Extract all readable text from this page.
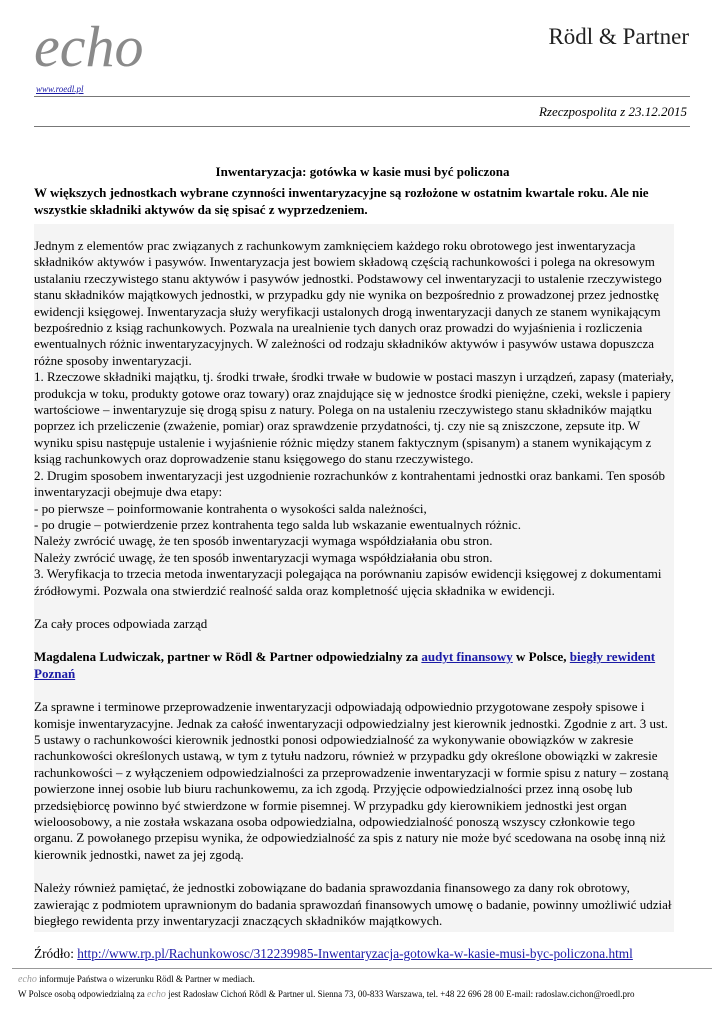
echo
www.roedl.pl
Rödl & Partner
Rzeczpospolita z 23.12.2015
Inwentaryzacja: gotówka w kasie musi być policzona
W większych jednostkach wybrane czynności inwentaryzacyjne są rozłożone w ostatnim kwartale roku. Ale nie wszystkie składniki aktywów da się spisać z wyprzedzeniem.

Jednym z elementów prac związanych z rachunkowym zamknięciem każdego roku obrotowego jest inwentaryzacja składników aktywów i pasywów. Inwentaryzacja jest bowiem składową częścią rachunkowości i polega na okresowym ustalaniu rzeczywistego stanu aktywów i pasywów jednostki. Podstawowy cel inwentaryzacji to ustalenie rzeczywistego stanu składników majątkowych jednostki, w przypadku gdy nie wynika on bezpośrednio z prowadzonej przez jednostkę ewidencji księgowej. Inwentaryzacja służy weryfikacji ustalonych drogą inwentaryzacji danych ze stanem wynikającym bezpośrednio z ksiąg rachunkowych. Pozwala na urealnienie tych danych oraz prowadzi do wyjaśnienia i rozliczenia ewentualnych różnic inwentaryzacyjnych. W zależności od rodzaju składników aktywów i pasywów ustawa dopuszcza różne sposoby inwentaryzacji.

1. Rzeczowe składniki majątku, tj. środki trwałe, środki trwałe w budowie w postaci maszyn i urządzeń, zapasy (materiały, produkcja w toku, produkty gotowe oraz towary) oraz znajdujące się w jednostce środki pieniężne, czeki, weksle i papiery wartościowe – inwentaryzuje się drogą spisu z natury. Polega on na ustaleniu rzeczywistego stanu składników majątku poprzez ich przeliczenie (zważenie, pomiar) oraz sprawdzenie przydatności, tj. czy nie są zniszczone, zepsute itp. W wyniku spisu następuje ustalenie i wyjaśnienie różnic między stanem faktycznym (spisanym) a stanem wynikającym z ksiąg rachunkowych oraz doprowadzenie stanu księgowego do stanu rzeczywistego.

2. Drugim sposobem inwentaryzacji jest uzgodnienie rozrachunków z kontrahentami jednostki oraz bankami. Ten sposób inwentaryzacji obejmuje dwa etapy:

- po pierwsze – poinformowanie kontrahenta o wysokości salda należności,

- po drugie – potwierdzenie przez kontrahenta tego salda lub wskazanie ewentualnych różnic.

Należy zwrócić uwagę, że ten sposób inwentaryzacji wymaga współdziałania obu stron.

Należy zwrócić uwagę, że ten sposób inwentaryzacji wymaga współdziałania obu stron.

3. Weryfikacja to trzecia metoda inwentaryzacji polegająca na porównaniu zapisów ewidencji księgowej z dokumentami źródłowymi. Pozwala ona stwierdzić realność salda oraz kompletność ujęcia składnika w ewidencji.

Za cały proces odpowiada zarząd

Magdalena Ludwiczak, partner w Rödl & Partner odpowiedzialny za audyt finansowy w Polsce, biegły rewident Poznań

Za sprawne i terminowe przeprowadzenie inwentaryzacji odpowiadają odpowiednio przygotowane zespoły spisowe i komisje inwentaryzacyjne. Jednak za całość inwentaryzacji odpowiedzialny jest kierownik jednostki. Zgodnie z art. 3 ust. 5 ustawy o rachunkowości kierownik jednostki ponosi odpowiedzialność za wykonywanie obowiązków w zakresie rachunkowości określonych ustawą, w tym z tytułu nadzoru, również w przypadku gdy określone obowiązki w zakresie rachunkowości – z wyłączeniem odpowiedzialności za przeprowadzenie inwentaryzacji w formie spisu z natury – zostaną powierzone innej osobie lub biuru rachunkowemu, za ich zgodą. Przyjęcie odpowiedzialności przez inną osobę lub przedsiębiorcę powinno być stwierdzone w formie pisemnej. W przypadku gdy kierownikiem jednostki jest organ wieloosobowy, a nie została wskazana osoba odpowiedzialna, odpowiedzialność ponoszą wszyscy członkowie tego organu. Z powołanego przepisu wynika, że odpowiedzialność za spis z natury nie może być scedowana na osobę inną niż kierownik jednostki, nawet za jej zgodą.

Należy również pamiętać, że jednostki zobowiązane do badania sprawozdania finansowego za dany rok obrotowy, zawierając z podmiotem uprawnionym do badania sprawozdań finansowych umowę o badanie, powinny umożliwić udział biegłego rewidenta przy inwentaryzacji znaczących składników majątkowych.

Źródło: http://www.rp.pl/Rachunkowosc/312239985-Inwentaryzacja-gotowka-w-kasie-musi-byc-policzona.html

echo informuje Państwa o wizerunku Rödl & Partner w mediach.
W Polsce osobą odpowiedzialną za echo jest Radosław Cichoń Rödl & Partner ul. Sienna 73, 00-833 Warszawa, tel. +48 22 696 28 00 E-mail: radoslaw.cichon@roedl.pro
